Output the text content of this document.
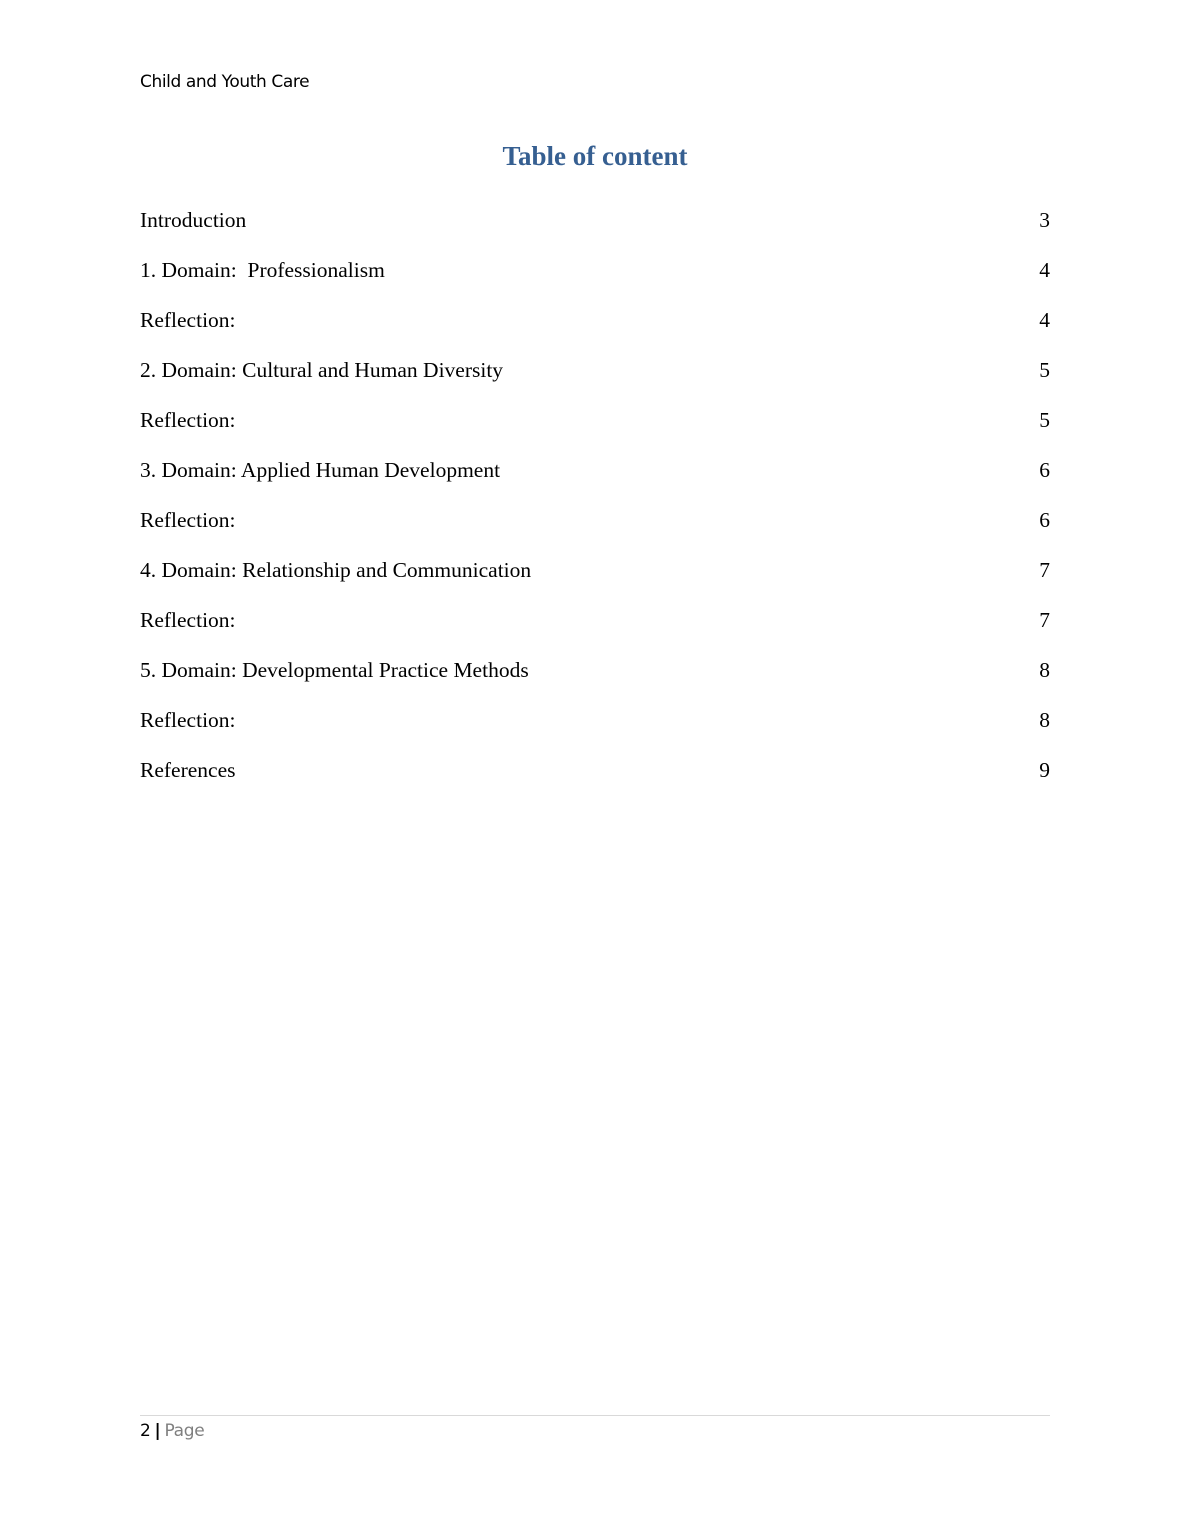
Child and Youth Care
Table of content
Introduction	3
1. Domain:  Professionalism	4
Reflection:	4
2. Domain: Cultural and Human Diversity	5
Reflection:	5
3. Domain: Applied Human Development	6
Reflection:	6
4. Domain: Relationship and Communication	7
Reflection:	7
5. Domain: Developmental Practice Methods	8
Reflection:	8
References	9
2 | Page
